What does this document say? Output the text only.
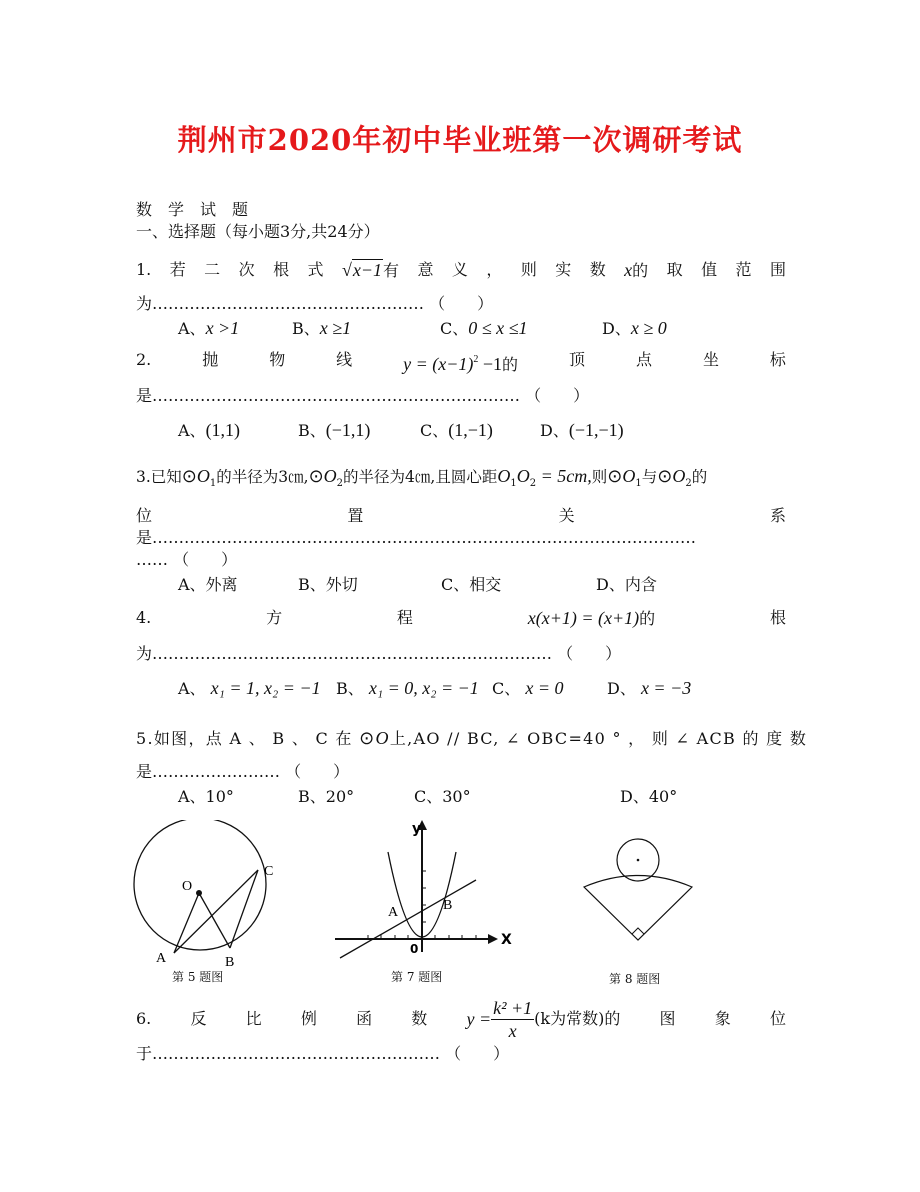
荆州市2020年初中毕业班第一次调研考试
数　学　试　题
一、选择题（每小题3分,共24分）
1. 若 二 次 根 式 √x−1有 意 义 ， 则 实 数 x的 取 值 范 围
为…………………………………………… （　　）
A、x >1	B、x ≥1	C、0 ≤ x ≤1	D、x ≥ 0
2.	抛	物	线	$y = (x-1)^2 -1$的	顶	点	坐	标
是…………………………………………………………… （　　）
A、(1,1)	B、(−1,1)	C、(1,−1)	D、(−1,−1)
3.已知$⊙O_1$的半径为$3㎝,⊙O_2$的半径为4㎝,且圆心距$O_1O_2 = 5cm$,则$⊙O_1$与$⊙O_2$的
位	置	关	系
是…………………………………………………………………………………………
…… （　　）
A、外离	B、外切	C、相交	D、内含
4.	方	程	x(x+1) = (x+1)的	根
为………………………………………………………………… （　　）
A、 x₁ = 1, x₂ = −1 B、 x₁ = 0, x₂ = −1 C、 x = 0	D、 x = −3
5.如图，点 A 、 B 、 C 在 ⊙O上,AO // BC, ∠ OBC=40 ° ， 则 ∠ ACB 的 度 数
是…………………… （　　）
A、10°	B、20°	C、30°	D、40°
O
A	B
C
第 5 题图
y
X
0
A	B
第 7 题图	第 8 题图
6. 反 比 例 函 数 $y = \frac{\text{k² +1}}{x} (k$为常数) 的 图 象 位
于……………………………………………… （　　）
